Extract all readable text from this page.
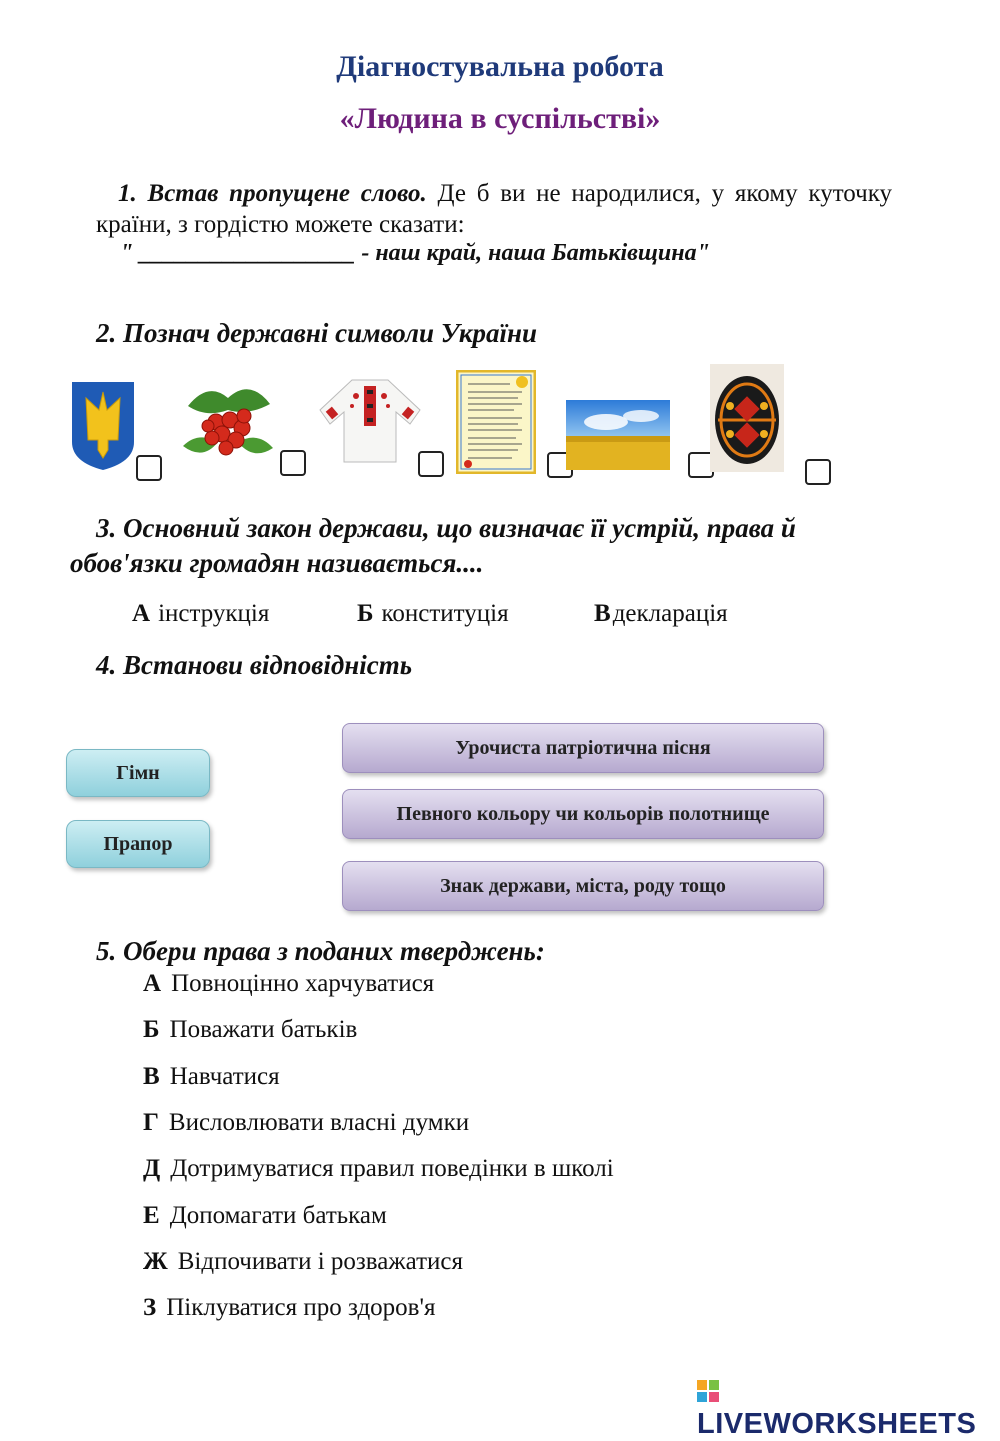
Діагностувальна робота
«Людина в суспільстві»
1. Встав пропущене слово. Де б ви не народилися, у якому куточку країни, з гордістю можете сказати:
" __________________ - наш край, наша Батьківщина"
2. Познач державні символи України
3. Основний закон держави, що визначає її устрій, права й
обов'язки громадян називається....
А інструкція	Б конституція	Вдекларація
4. Встанови відповідність
Гімн
Прапор
Урочиста патріотична пісня
Певного кольору чи кольорів полотнище
Знак держави, міста, роду тощо
5. Обери права з поданих тверджень:
А Повноцінно харчуватися
Б Поважати батьків
В Навчатися
Г Висловлювати власні думки
Д Дотримуватися правил поведінки в школі
Е Допомагати батькам
Ж Відпочивати і розважатися
З Піклуватися про здоров'я
LIVEWORKSHEETS
